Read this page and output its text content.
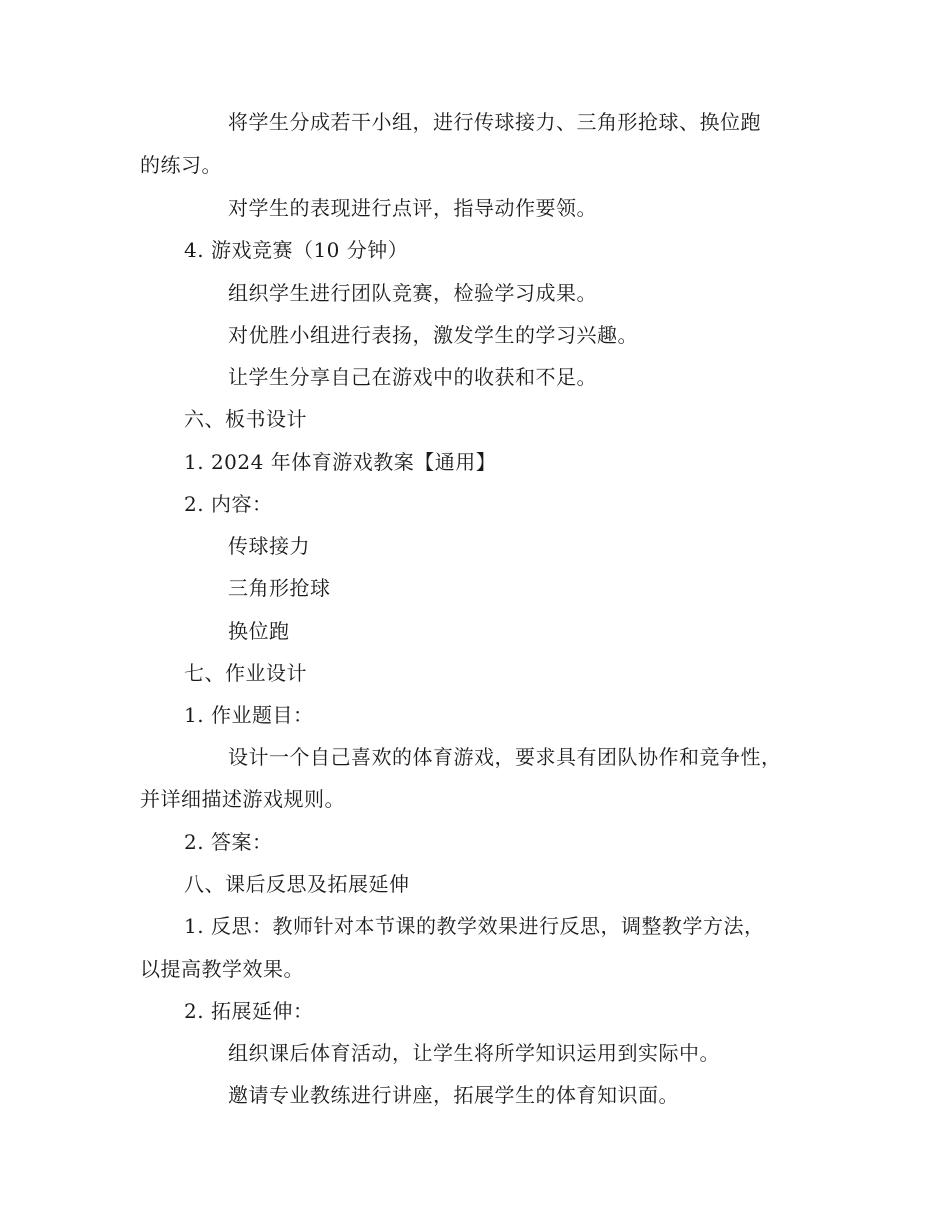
将学生分成若干小组，进行传球接力、三角形抢球、换位跑
的练习。
对学生的表现进行点评，指导动作要领。
4. 游戏竞赛（10 分钟）
组织学生进行团队竞赛，检验学习成果。
对优胜小组进行表扬，激发学生的学习兴趣。
让学生分享自己在游戏中的收获和不足。
六、板书设计
1. 2024 年体育游戏教案【通用】
2. 内容：
传球接力
三角形抢球
换位跑
七、作业设计
1. 作业题目：
设计一个自己喜欢的体育游戏，要求具有团队协作和竞争性，
并详细描述游戏规则。
2. 答案：
八、课后反思及拓展延伸
1. 反思：教师针对本节课的教学效果进行反思，调整教学方法，
以提高教学效果。
2. 拓展延伸：
组织课后体育活动，让学生将所学知识运用到实际中。
邀请专业教练进行讲座，拓展学生的体育知识面。
